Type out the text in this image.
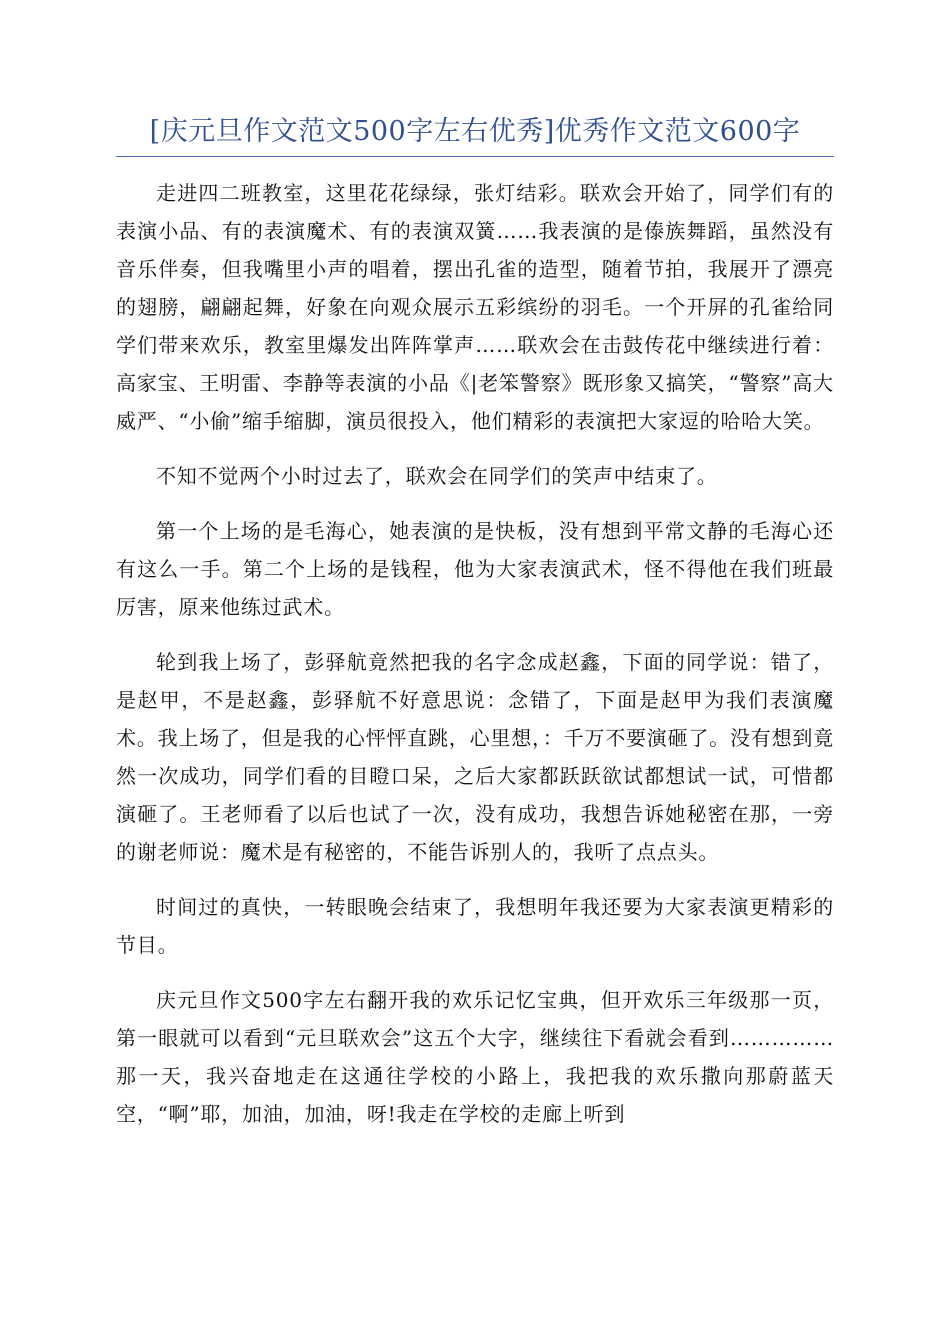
[庆元旦作文范文500字左右优秀]优秀作文范文600字

走进四二班教室，这里花花绿绿，张灯结彩。联欢会开始了，同学们有的表演小品、有的表演魔术、有的表演双簧……我表演的是傣族舞蹈，虽然没有音乐伴奏，但我嘴里小声的唱着，摆出孔雀的造型，随着节拍，我展开了漂亮的翅膀，翩翩起舞，好象在向观众展示五彩缤纷的羽毛。一个开屏的孔雀给同学们带来欢乐，教室里爆发出阵阵掌声……联欢会在击鼓传花中继续进行着：高家宝、王明雷、李静等表演的小品《|老笨警察》既形象又搞笑，“警察”高大威严、“小偷”缩手缩脚，演员很投入，他们精彩的表演把大家逗的哈哈大笑。

不知不觉两个小时过去了，联欢会在同学们的笑声中结束了。

第一个上场的是毛海心，她表演的是快板，没有想到平常文静的毛海心还有这么一手。第二个上场的是钱程，他为大家表演武术，怪不得他在我们班最厉害，原来他练过武术。

轮到我上场了，彭驿航竟然把我的名字念成赵鑫，下面的同学说：错了，是赵甲，不是赵鑫，彭驿航不好意思说：念错了，下面是赵甲为我们表演魔术。我上场了，但是我的心怦怦直跳，心里想，：千万不要演砸了。没有想到竟然一次成功，同学们看的目瞪口呆，之后大家都跃跃欲试都想试一试，可惜都演砸了。王老师看了以后也试了一次，没有成功，我想告诉她秘密在那，一旁的谢老师说：魔术是有秘密的，不能告诉别人的，我听了点点头。

时间过的真快，一转眼晚会结束了，我想明年我还要为大家表演更精彩的节目。

庆元旦作文500字左右翻开我的欢乐记忆宝典，但开欢乐三年级那一页，第一眼就可以看到“元旦联欢会”这五个大字，继续往下看就会看到……………那一天，我兴奋地走在这通往学校的小路上，我把我的欢乐撒向那蔚蓝天空，“啊”耶，加油，加油，呀!我走在学校的走廊上听到
